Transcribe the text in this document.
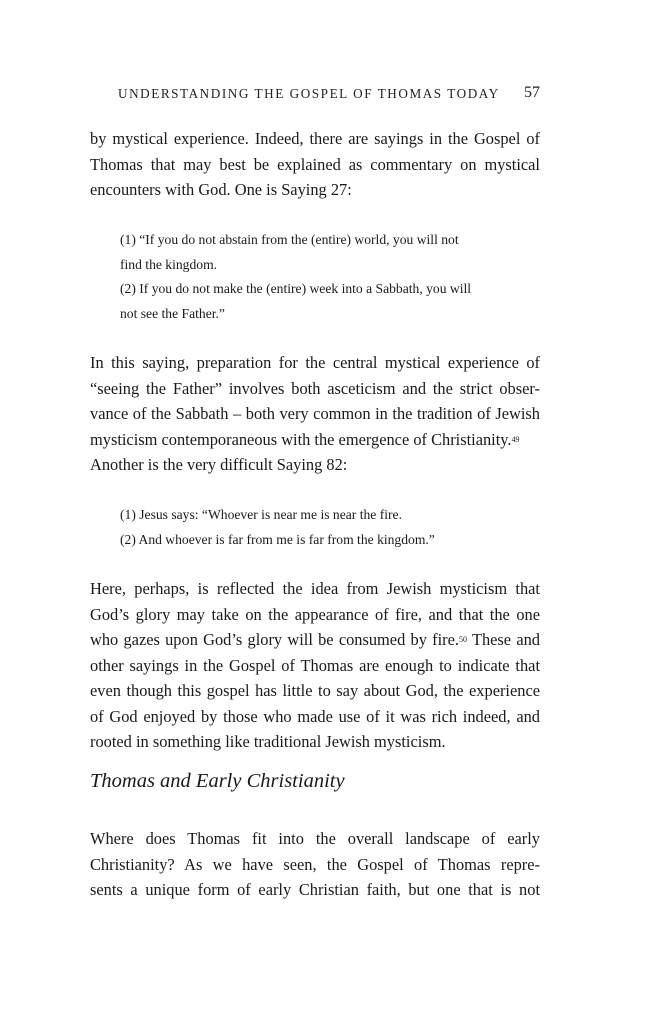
UNDERSTANDING THE GOSPEL OF THOMAS TODAY 57
by mystical experience. Indeed, there are sayings in the Gospel of
Thomas that may best be explained as commentary on mystical
encounters with God. One is Saying 27:
(1) “If you do not abstain from the (entire) world, you will not
find the kingdom.
(2) If you do not make the (entire) week into a Sabbath, you will
not see the Father.”
In this saying, preparation for the central mystical experience of
“seeing the Father” involves both asceticism and the strict obser-
vance of the Sabbath – both very common in the tradition of Jewish
mysticism contemporaneous with the emergence of Christianity.$^{49}$
Another is the very difficult Saying 82:
(1) Jesus says: “Whoever is near me is near the fire.
(2) And whoever is far from me is far from the kingdom.”
Here, perhaps, is reflected the idea from Jewish mysticism that
God’s glory may take on the appearance of fire, and that the one
who gazes upon God’s glory will be consumed by fire.$^{50}$ These and
other sayings in the Gospel of Thomas are enough to indicate that
even though this gospel has little to say about God, the experience
of God enjoyed by those who made use of it was rich indeed, and
rooted in something like traditional Jewish mysticism.
Thomas and Early Christianity
Where does Thomas fit into the overall landscape of early
Christianity? As we have seen, the Gospel of Thomas repre-
sents a unique form of early Christian faith, but one that is not
